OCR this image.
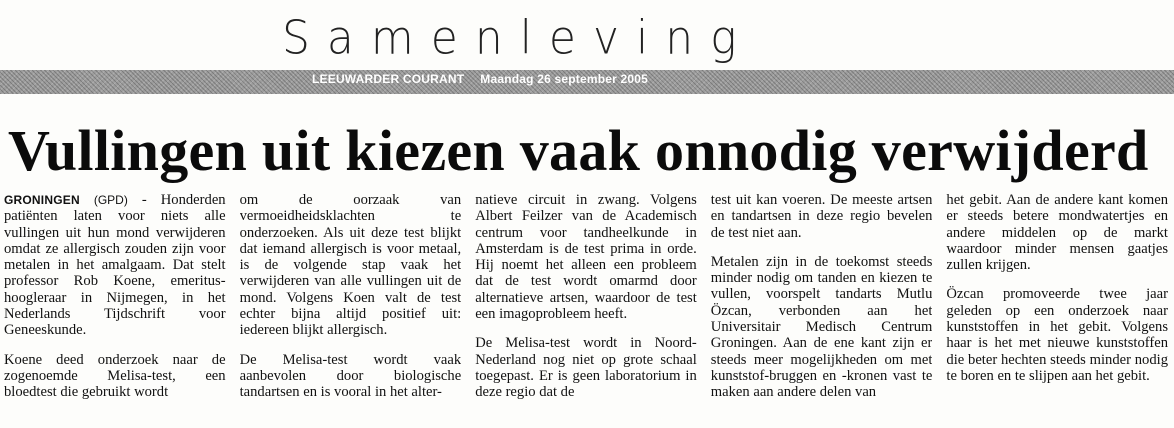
Samenleving
LEEUWARDER COURANT Maandag 26 september 2005
Vullingen uit kiezen vaak onnodig verwijderd

GRONINGEN (GPD) - Honderden patiënten laten voor niets alle vullingen uit hun mond verwijderen omdat ze allergisch zouden zijn voor metalen in het amalgaam. Dat stelt professor Rob Koene, emeritus-hoogleraar in Nijmegen, in het Nederlands Tijdschrift voor Geneeskunde.

Koene deed onderzoek naar de zogenoemde Melisa-test, een bloedtest die gebruikt wordt

om de oorzaak van vermoeidheidsklachten te onderzoeken. Als uit deze test blijkt dat iemand allergisch is voor metaal, is de volgende stap vaak het verwijderen van alle vullingen uit de mond. Volgens Koen valt de test echter bijna altijd positief uit: iedereen blijkt allergisch.

De Melisa-test wordt vaak aanbevolen door biologische tandartsen en is vooral in het alter-

natieve circuit in zwang. Volgens Albert Feilzer van de Academisch centrum voor tandheelkunde in Amsterdam is de test prima in orde. Hij noemt het alleen een probleem dat de test wordt omarmd door alternatieve artsen, waardoor de test een imagoprobleem heeft.

De Melisa-test wordt in Noord-Nederland nog niet op grote schaal toegepast. Er is geen laboratorium in deze regio dat de

test uit kan voeren. De meeste artsen en tandartsen in deze regio bevelen de test niet aan.

Metalen zijn in de toekomst steeds minder nodig om tanden en kiezen te vullen, voorspelt tandarts Mutlu Özcan, verbonden aan het Universitair Medisch Centrum Groningen. Aan de ene kant zijn er steeds meer mogelijkheden om met kunststof-bruggen en -kronen vast te maken aan andere delen van

het gebit. Aan de andere kant komen er steeds betere mondwatertjes en andere middelen op de markt waardoor minder mensen gaatjes zullen krijgen.

Özcan promoveerde twee jaar geleden op een onderzoek naar kunststoffen in het gebit. Volgens haar is het met nieuwe kunststoffen die beter hechten steeds minder nodig te boren en te slijpen aan het gebit.
